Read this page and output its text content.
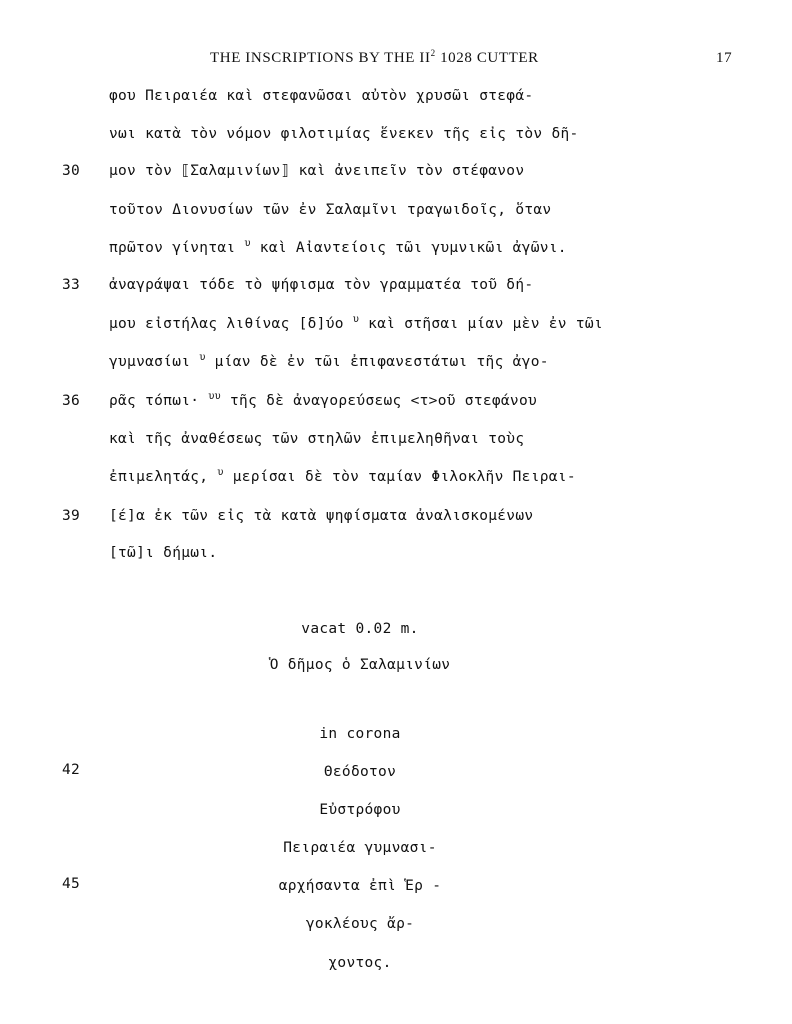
THE INSCRIPTIONS BY THE $II^2$ 1028 CUTTER	17
φου Πειραιέα καὶ στεφανῶσαι αὐτὸν χρυσῶι στεφά-
νωι κατὰ τὸν νόμον φιλοτιμίας ἕνεκεν τῆς εἰς τὸν δῆ-
30 μον τὸν ⟦Σαλαμινίων⟧ καὶ ἀνειπεῖν τὸν στέφανον
τοῦτον Διονυσίων τῶν ἐν Σαλαμῖνι τραγωιδοῖς, ὅταν
πρῶτον γίνηται $^\upsilon$ καὶ Αἰαντείοις τῶι γυμνικῶι ἀγῶνι.
33 ἀναγράψαι τόδε τὸ ψήφισμα τὸν γραμματέα τοῦ δή-
μου εἰστήλας λιθίνας [δ]ύο $^\upsilon$ καὶ στῆσαι μίαν μὲν ἐν τῶι
γυμνασίωι $^\upsilon$ μίαν δὲ ἐν τῶι ἐπιφανεστάτωι τῆς ἀγο-
36 ρᾶς τόπωι· $^{\upsilon\upsilon}$ τῆς δὲ ἀναγορεύσεως <τ>οῦ στεφάνου
καὶ τῆς ἀναθέσεως τῶν στηλῶν ἐπιμεληθῆναι τοὺς
ἐπιμελητάς, $^\upsilon$ μερίσαι δὲ τὸν ταμίαν Φιλοκλῆν Πειραι-
39 [έ]α ἐκ τῶν εἰς τὰ κατὰ ψηφίσματα ἀναλισκομένων
[τῶ]ι δήμωι.
vacat 0.02 m.
Ὁ δῆμος ὁ Σαλαμινίων
in corona
42	Θεόδοτον
Εὐστρόφου
Πειραιέα γυμνασι-
45	αρχήσαντα ἐπὶ Ἑρ -
γοκλέους ἄρ-
χοντος.
